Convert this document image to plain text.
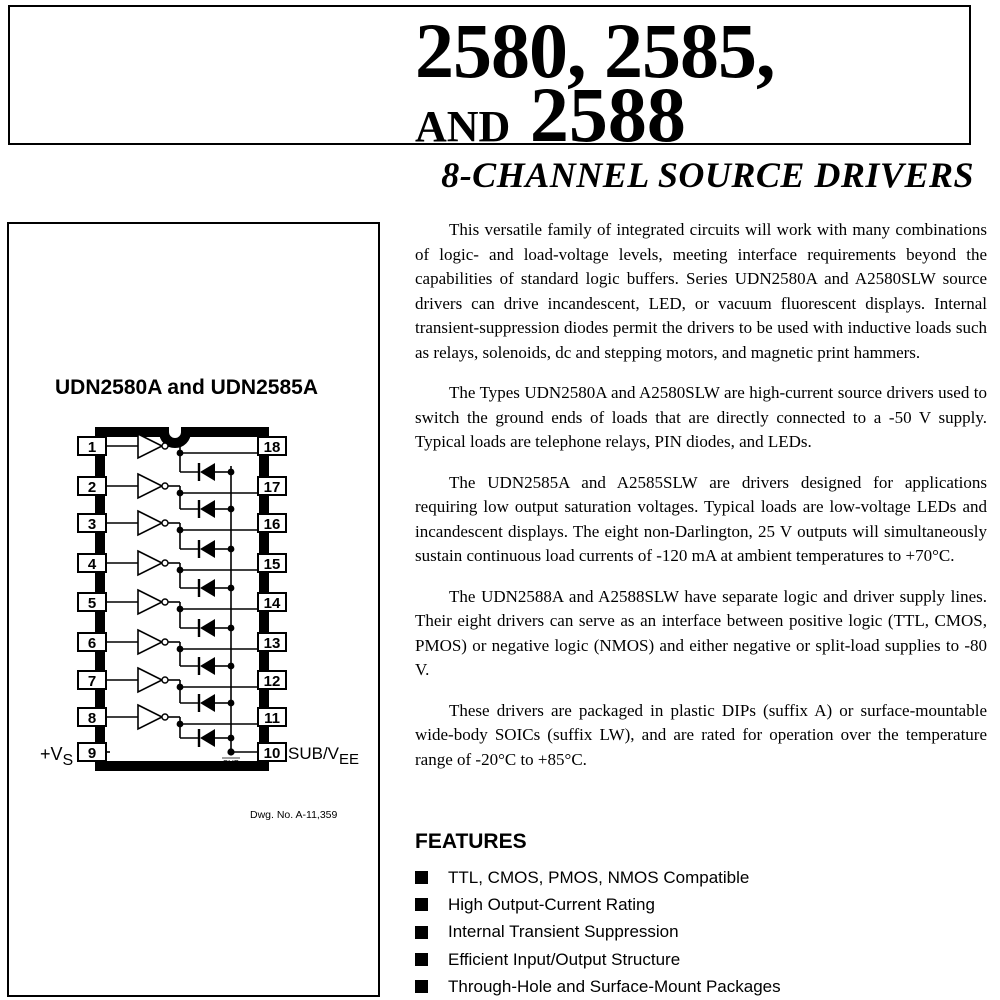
2580, 2585,
AND 2588
8-CHANNEL SOURCE DRIVERS
UDN2580A and UDN2585A
1
2
3
4
5
6
7
8
9
18
17
16
15
14
13
12
11
10
SUB
+VS	SUB/VEE
Dwg. No. A-11,359

This versatile family of integrated circuits will work with many combinations of logic- and load-voltage levels, meeting interface requirements beyond the capabilities of standard logic buffers. Series UDN2580A and A2580SLW source drivers can drive incandescent, LED, or vacuum fluorescent displays. Internal transient-suppression diodes permit the drivers to be used with inductive loads such as relays, solenoids, dc and stepping motors, and magnetic print hammers.

The Types UDN2580A and A2580SLW are high-current source drivers used to switch the ground ends of loads that are directly connected to a -50 V supply. Typical loads are telephone relays, PIN diodes, and LEDs.

The UDN2585A and A2585SLW are drivers designed for applications requiring low output saturation voltages. Typical loads are low-voltage LEDs and incandescent displays. The eight non-Darlington, 25 V outputs will simultaneously sustain continuous load currents of -120 mA at ambient temperatures to +70°C.

The UDN2588A and A2588SLW have separate logic and driver supply lines. Their eight drivers can serve as an interface between positive logic (TTL, CMOS, PMOS) or negative logic (NMOS) and either negative or split-load supplies to -80 V.

These drivers are packaged in plastic DIPs (suffix A) or surface-mountable wide-body SOICs (suffix LW), and are rated for operation over the temperature range of -20°C to +85°C.

FEATURES
TTL, CMOS, PMOS, NMOS Compatible
High Output-Current Rating
Internal Transient Suppression
Efficient Input/Output Structure
Through-Hole and Surface-Mount Packages
